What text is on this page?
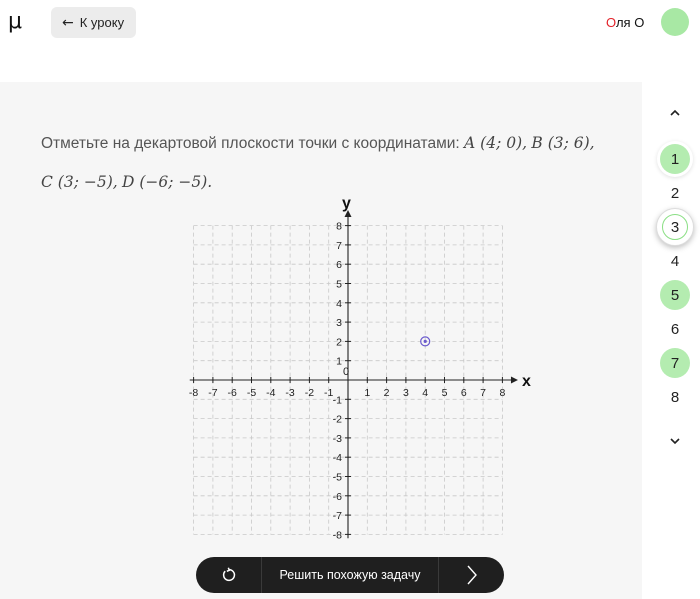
μ	← К уроку	Оля О
Отметьте на декартовой плоскости точки с координатами: A (4; 0), B (3; 6),
C (3; −5), D (−6; −5).
-8 -7 -6 -5 -4 -3 -2 -1	1 2 3 4 5 6 7 8
8
7
6
5
4
3
2
1
-1
-2
-3
-4
-5
-6
-7
-8
0
x
y
1
2
3
4
5
6
7
8
Решить похожую задачу
